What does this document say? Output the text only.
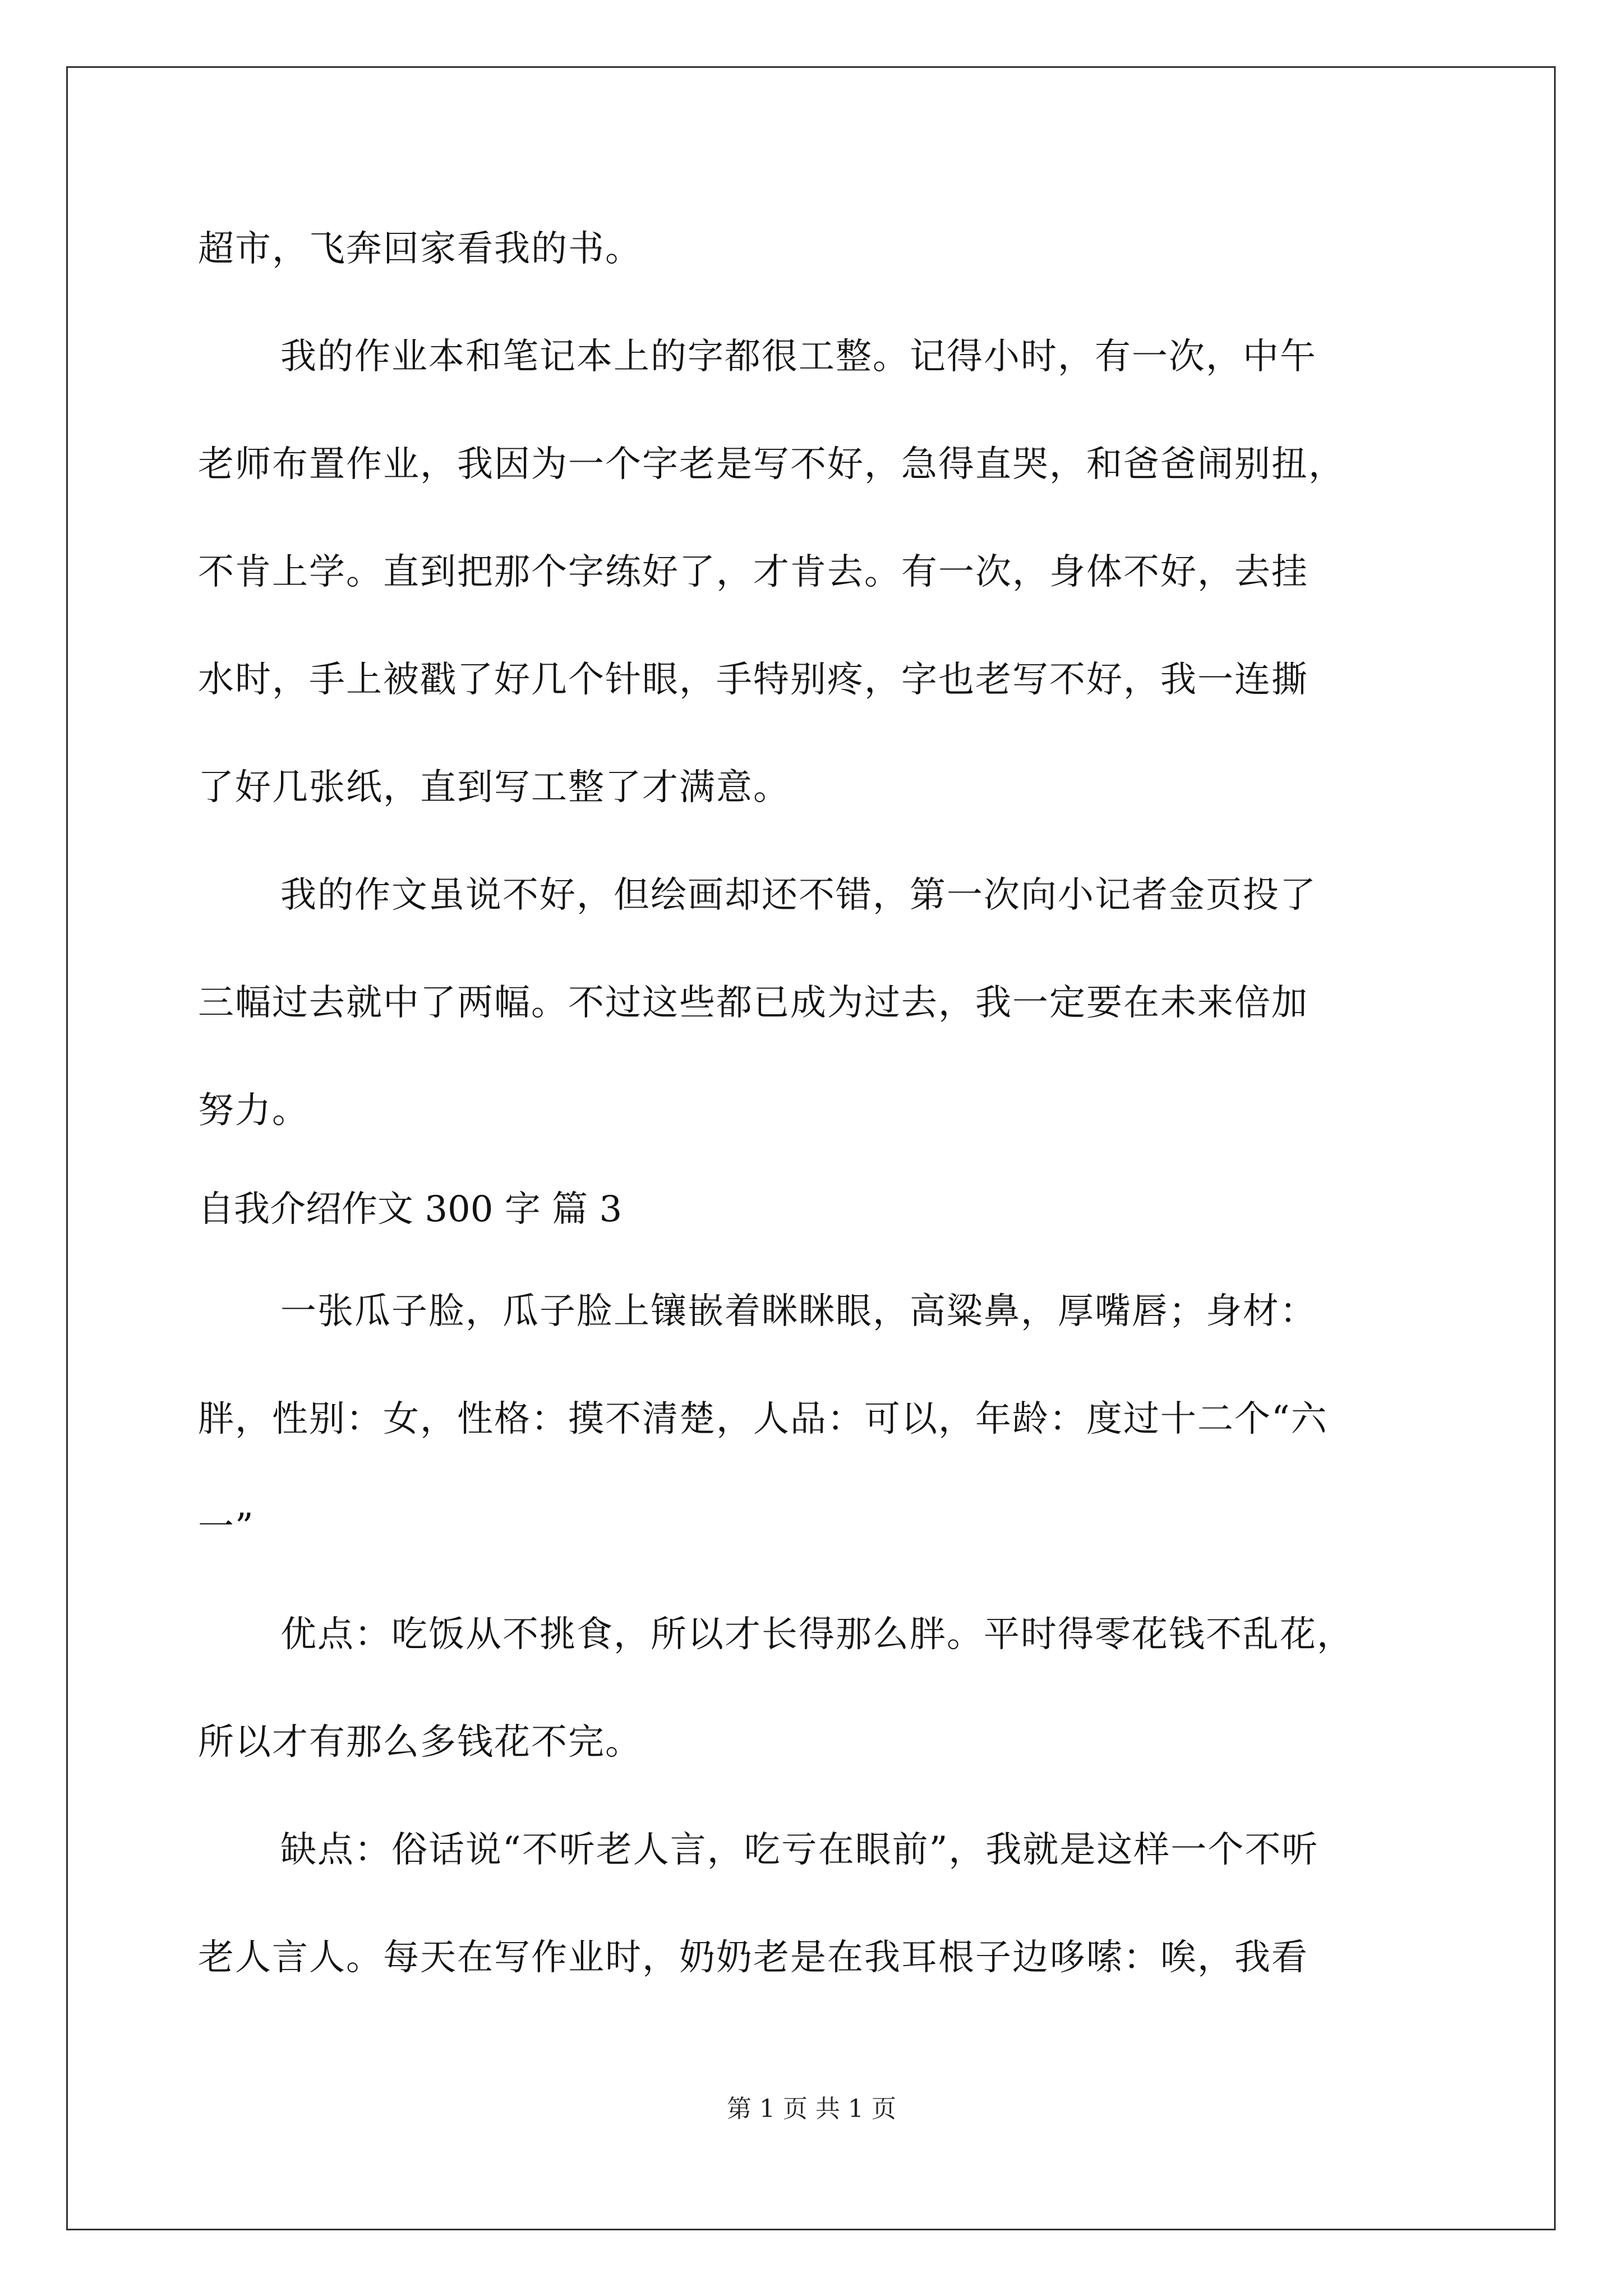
超市，飞奔回家看我的书。
我的作业本和笔记本上的字都很工整。记得小时，有一次，中午
老师布置作业，我因为一个字老是写不好，急得直哭，和爸爸闹别扭，
不肯上学。直到把那个字练好了，才肯去。有一次，身体不好，去挂
水时，手上被戳了好几个针眼，手特别疼，字也老写不好，我一连撕
了好几张纸，直到写工整了才满意。
我的作文虽说不好，但绘画却还不错，第一次向小记者金页投了
三幅过去就中了两幅。不过这些都已成为过去，我一定要在未来倍加
努力。
自我介绍作文 300 字 篇 3
一张瓜子脸，瓜子脸上镶嵌着眯眯眼，高粱鼻，厚嘴唇；身材：
胖，性别：女，性格：摸不清楚，人品：可以，年龄：度过十二个“六
一”
优点：吃饭从不挑食，所以才长得那么胖。平时得零花钱不乱花，
所以才有那么多钱花不完。
缺点：俗话说“不听老人言，吃亏在眼前”，我就是这样一个不听
老人言人。每天在写作业时，奶奶老是在我耳根子边哆嗦：唉，我看
第 1 页 共 1 页
